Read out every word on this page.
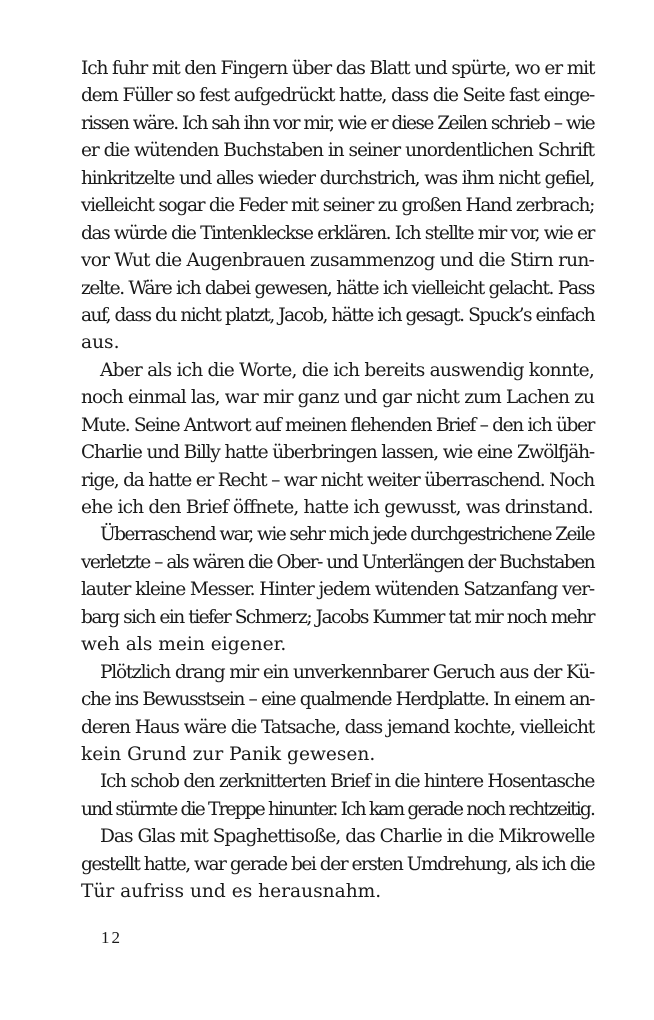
Ich fuhr mit den Fingern über das Blatt und spürte, wo er mit
dem Füller so fest aufgedrückt hatte, dass die Seite fast einge-
rissen wäre. Ich sah ihn vor mir, wie er diese Zeilen schrieb – wie
er die wütenden Buchstaben in seiner unordentlichen Schrift
hinkritzelte und alles wieder durchstrich, was ihm nicht gefiel,
vielleicht sogar die Feder mit seiner zu großen Hand zerbrach;
das würde die Tintenkleckse erklären. Ich stellte mir vor, wie er
vor Wut die Augenbrauen zusammenzog und die Stirn run-
zelte. Wäre ich dabei gewesen, hätte ich vielleicht gelacht. Pass
auf, dass du nicht platzt, Jacob, hätte ich gesagt. Spuck’s einfach
aus.
Aber als ich die Worte, die ich bereits auswendig konnte,
noch einmal las, war mir ganz und gar nicht zum Lachen zu
Mute. Seine Antwort auf meinen flehenden Brief – den ich über
Charlie und Billy hatte überbringen lassen, wie eine Zwölfjäh-
rige, da hatte er Recht – war nicht weiter überraschend. Noch
ehe ich den Brief öffnete, hatte ich gewusst, was drinstand.
Überraschend war, wie sehr mich jede durchgestrichene Zeile
verletzte – als wären die Ober- und Unterlängen der Buchstaben
lauter kleine Messer. Hinter jedem wütenden Satzanfang ver-
barg sich ein tiefer Schmerz; Jacobs Kummer tat mir noch mehr
weh als mein eigener.
Plötzlich drang mir ein unverkennbarer Geruch aus der Kü-
che ins Bewusstsein – eine qualmende Herdplatte. In einem an-
deren Haus wäre die Tatsache, dass jemand kochte, vielleicht
kein Grund zur Panik gewesen.
Ich schob den zerknitterten Brief in die hintere Hosentasche
und stürmte die Treppe hinunter. Ich kam gerade noch rechtzeitig.
Das Glas mit Spaghettisoße, das Charlie in die Mikrowelle
gestellt hatte, war gerade bei der ersten Umdrehung, als ich die
Tür aufriss und es herausnahm.
12
